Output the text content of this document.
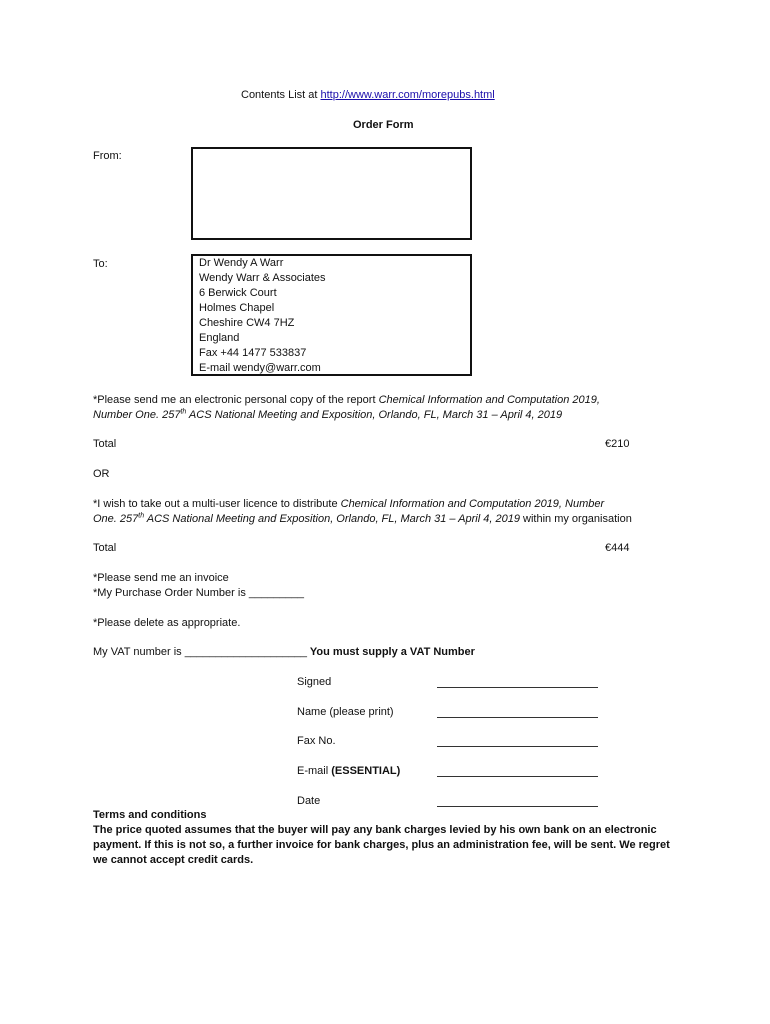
Contents List at http://www.warr.com/morepubs.html
Order Form
From:
To:	Dr Wendy A Warr
Wendy Warr & Associates
6 Berwick Court
Holmes Chapel
Cheshire CW4 7HZ
England
Fax +44 1477 533837
E-mail wendy@warr.com
*Please send me an electronic personal copy of the report Chemical Information and Computation 2019,
Number One. 257th ACS National Meeting and Exposition, Orlando, FL, March 31 – April 4, 2019
Total	€210
OR
*I wish to take out a multi-user licence to distribute Chemical Information and Computation 2019, Number
One. 257th ACS National Meeting and Exposition, Orlando, FL, March 31 – April 4, 2019 within my organisation
Total	€444
*Please send me an invoice
*My Purchase Order Number is _________
*Please delete as appropriate.
My VAT number is ____________________ You must supply a VAT Number
Signed
Name (please print)
Fax No.
E-mail (ESSENTIAL)
Date
Terms and conditions
The price quoted assumes that the buyer will pay any bank charges levied by his own bank on an electronic payment. If this is not so, a further invoice for bank charges, plus an administration fee, will be sent. We regret we cannot accept credit cards.
